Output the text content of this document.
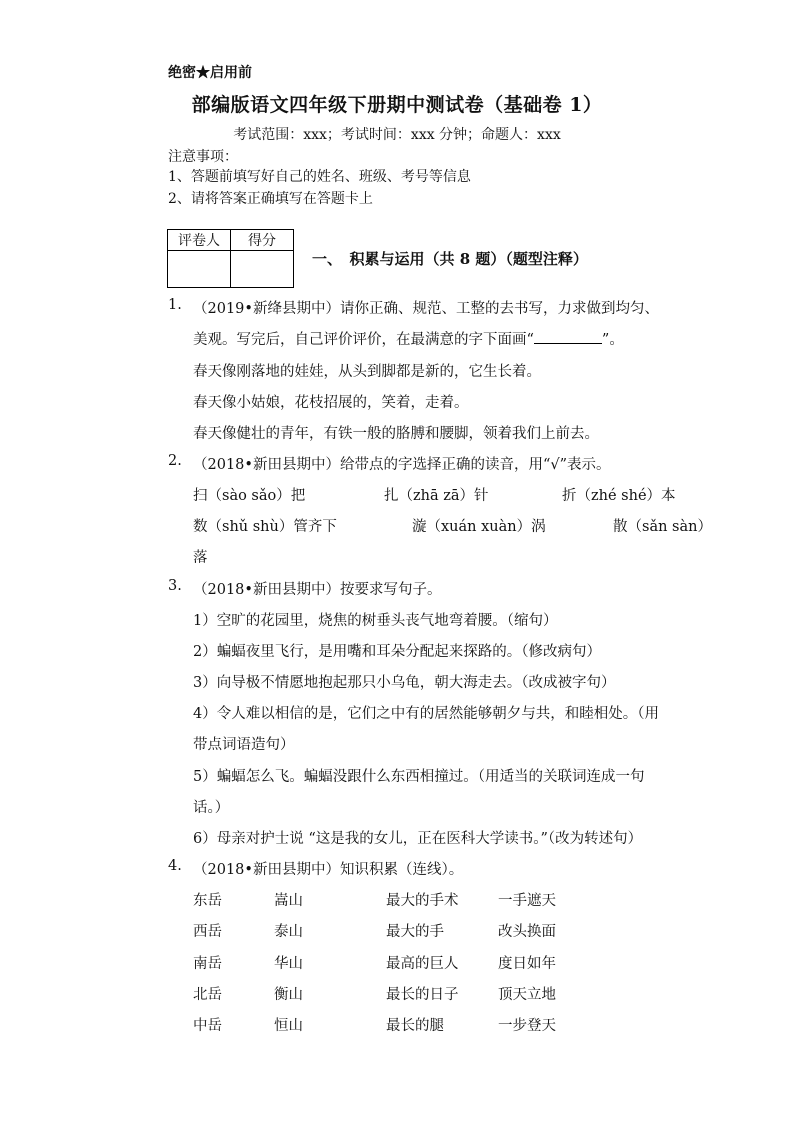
绝密★启用前
部编版语文四年级下册期中测试卷（基础卷 1）
考试范围：xxx；考试时间：xxx 分钟；命题人：xxx
注意事项：
1、答题前填写好自己的姓名、班级、考号等信息
2、请将答案正确填写在答题卡上
评卷人	得分

一、　积累与运用（共 8 题）（题型注释）
1. （2019•新绛县期中）请你正确、规范、工整的去书写，力求做到均匀、
美观。写完后，自己评价评价，在最满意的字下面画“	”。
春天像刚落地的娃娃，从头到脚都是新的，它生长着。
春天像小姑娘，花枝招展的，笑着，走着。
春天像健壮的青年，有铁一般的胳膊和腰脚，领着我们上前去。
2. （2018•新田县期中）给带点的字选择正确的读音，用“√”表示。
扫（sào sǎo）把	扎（zhā zā）针	折（zhé shé）本
数（shǔ shù）管齐下	漩（xuán xuàn）涡	散（sǎn sàn）
落
3. （2018•新田县期中）按要求写句子。
1）空旷的花园里，烧焦的树垂头丧气地弯着腰。（缩句）
2）蝙蝠夜里飞行，是用嘴和耳朵分配起来探路的。（修改病句）
3）向导极不情愿地抱起那只小乌龟，朝大海走去。（改成被字句）
4）令人难以相信的是，它们之中有的居然能够朝夕与共，和睦相处。（用
带点词语造句）
5）蝙蝠怎么飞。蝙蝠没跟什么东西相撞过。（用适当的关联词连成一句
话。）
6）母亲对护士说 “这是我的女儿，正在医科大学读书。”（改为转述句）
4. （2018•新田县期中）知识积累（连线）。
东岳	嵩山	最大的手术	一手遮天
西岳	泰山	最大的手	改头换面
南岳	华山	最高的巨人	度日如年
北岳	衡山	最长的日子	顶天立地
中岳	恒山	最长的腿	一步登天
